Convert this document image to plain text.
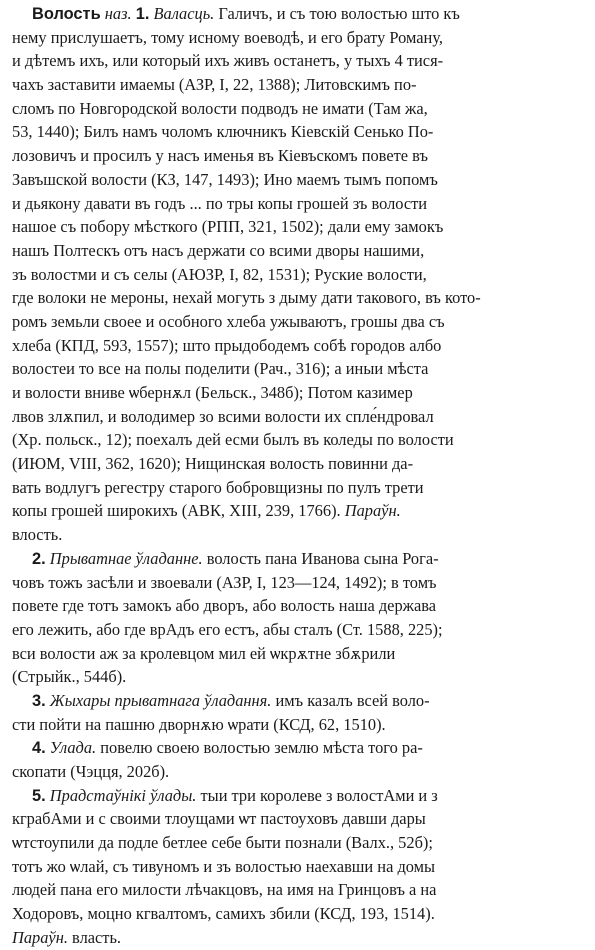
Волость наз. 1. Валасць. Галичъ, и съ тою волостью што къ
нему прислушаетъ, тому исному воеводѣ, и его брату Роману,
и дѣтемъ ихъ, или который ихъ живъ останетъ, у тыхъ 4 тися-
чахъ заставити имаемы (АЗР, І, 22, 1388); Литовскимъ по-
сломъ по Новгородской волости подводъ не имати (Там жа,
53, 1440); Билъ намъ чоломъ ключникъ Кіевскій Сенько По-
лозовичъ и просилъ у насъ именья въ Кіевъскомъ повете въ
Завъшской волости (КЗ, 147, 1493); Ино маемъ тымъ попомъ
и дьякону давати въ годъ ... по тры копы грошей зъ волости
нашое съ побору мѣсткого (РПП, 321, 1502); дали ему замокъ
нашъ Полтескъ отъ насъ держати со всими дворы нашими,
зъ волостми и съ селы (АЮЗР, І, 82, 1531); Руские волости,
где волоки не мероны, нехай могуть з дыму дати такового, въ кото-
ромъ земьли своее и особного хлеба ужываютъ, грошы два съ
хлеба (КПД, 593, 1557); што прыдободемъ собѣ городов албо
волостеи то все на полы поделити (Рач., 316); а иныи мѣста
и волости вниве ѡбернѫл (Бельск., 348б); Потом казимер
лвов злѫпил, и володимер зо всими волости их спле́ндровал
(Хр. польск., 12); поехалъ дей есми былъ въ коледы по волости
(ИЮМ, VIII, 362, 1620); Нищинская волость повинни да-
вать водлугъ регестру старого бобровщизны по пулъ трети
копы грошей широкихъ (АВК, XIII, 239, 1766). Параўн.
влость.
2. Прыватнае ўладанне. волость пана Иванова сына Рога-
човъ тожъ засѣли и звоевали (АЗР, І, 123—124, 1492); в томъ
повете где тотъ замокъ або дворъ, або волость наша держава
его лежить, або где врАдъ его естъ, абы сталъ (Ст. 1588, 225);
вси волости аж за кролевцом мил ей ѡкрѫтне збѫрили
(Стрыйк., 544б).
3. Жыхары прыватнага ўладання. имъ казалъ всей воло-
сти пойти на пашню дворнѫю ѡрати (КСД, 62, 1510).
4. Улада. повелю своею волостью землю мѣста того ра-
скопати (Чэцця, 202б).
5. Прадстаўнікі ўлады. тыи три королеве з волостАми и з
кграбАми и с своими тлоущами ѡт пастоуховъ давши дары
ѡтстоупили да подле бетлее себе быти познали (Валх., 52б);
тотъ жо ѡлай, съ тивуномъ и зъ волостью наехавши на домы
людей пана его милости лѣчакцовъ, на имя на Гринцовъ а на
Ходоровъ, моцно кгвалтомъ, самихъ збили (КСД, 193, 1514).
Параўн. власть.
